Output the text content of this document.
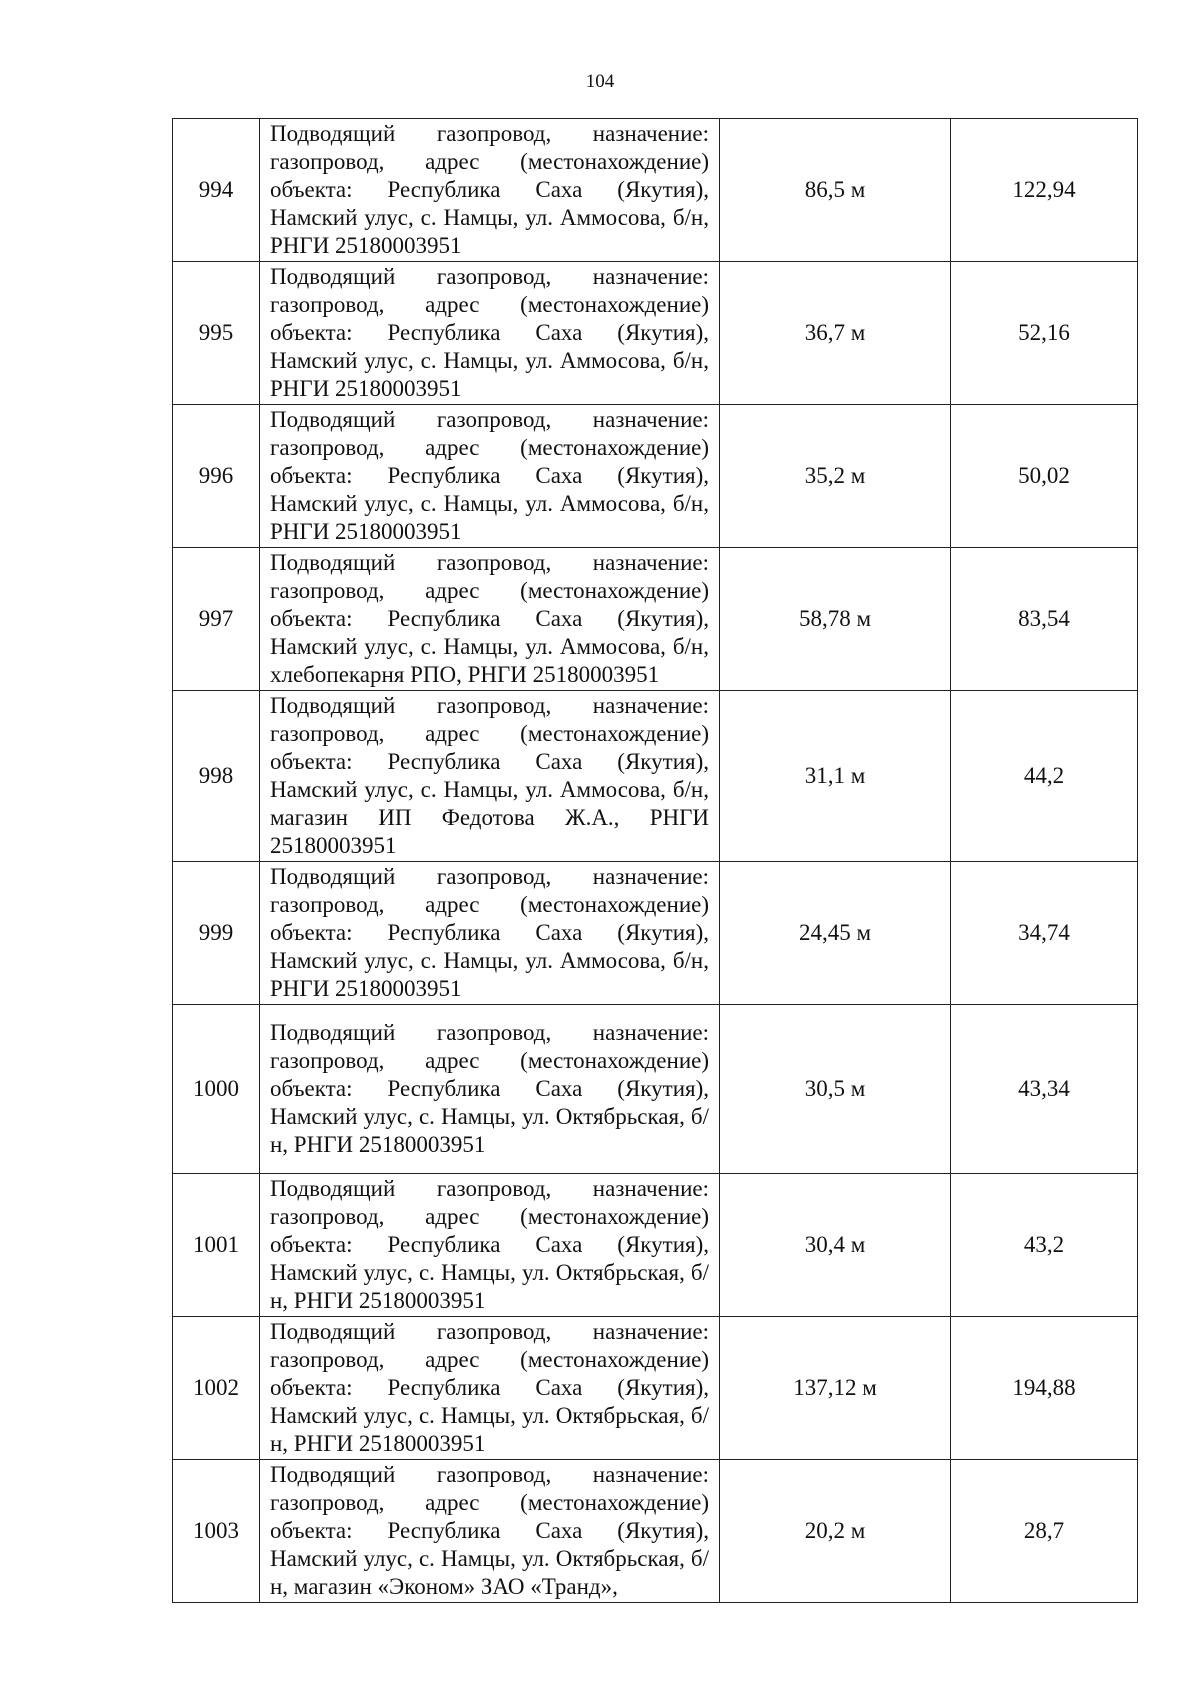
104
994	Подводящий газопровод, назначение: газопровод, адрес (местонахождение) объекта: Республика Саха (Якутия), Намский улус, с. Намцы, ул. Аммосова, б/н, РНГИ 25180003951	86,5 м	122,94
995	Подводящий газопровод, назначение: газопровод, адрес (местонахождение) объекта: Республика Саха (Якутия), Намский улус, с. Намцы, ул. Аммосова, б/н, РНГИ 25180003951	36,7 м	52,16
996	Подводящий газопровод, назначение: газопровод, адрес (местонахождение) объекта: Республика Саха (Якутия), Намский улус, с. Намцы, ул. Аммосова, б/н, РНГИ 25180003951	35,2 м	50,02
997	Подводящий газопровод, назначение: газопровод, адрес (местонахождение) объекта: Республика Саха (Якутия), Намский улус, с. Намцы, ул. Аммосова, б/н, хлебопекарня РПО, РНГИ 25180003951	58,78 м	83,54
998	Подводящий газопровод, назначение: газопровод, адрес (местонахождение) объекта: Республика Саха (Якутия), Намский улус, с. Намцы, ул. Аммосова, б/н, магазин ИП Федотова Ж.А., РНГИ 25180003951	31,1 м	44,2
999	Подводящий газопровод, назначение: газопровод, адрес (местонахождение) объекта: Республика Саха (Якутия), Намский улус, с. Намцы, ул. Аммосова, б/н, РНГИ 25180003951	24,45 м	34,74
1000	Подводящий газопровод, назначение: газопровод, адрес (местонахождение) объекта: Республика Саха (Якутия), Намский улус, с. Намцы, ул. Октябрьская, б/н, РНГИ 25180003951	30,5 м	43,34
1001	Подводящий газопровод, назначение: газопровод, адрес (местонахождение) объекта: Республика Саха (Якутия), Намский улус, с. Намцы, ул. Октябрьская, б/н, РНГИ 25180003951	30,4 м	43,2
1002	Подводящий газопровод, назначение: газопровод, адрес (местонахождение) объекта: Республика Саха (Якутия), Намский улус, с. Намцы, ул. Октябрьская, б/н, РНГИ 25180003951	137,12 м	194,88
1003	Подводящий газопровод, назначение: газопровод, адрес (местонахождение) объекта: Республика Саха (Якутия), Намский улус, с. Намцы, ул. Октябрьская, б/н, магазин «Эконом» ЗАО «Транд»,	20,2 м	28,7
